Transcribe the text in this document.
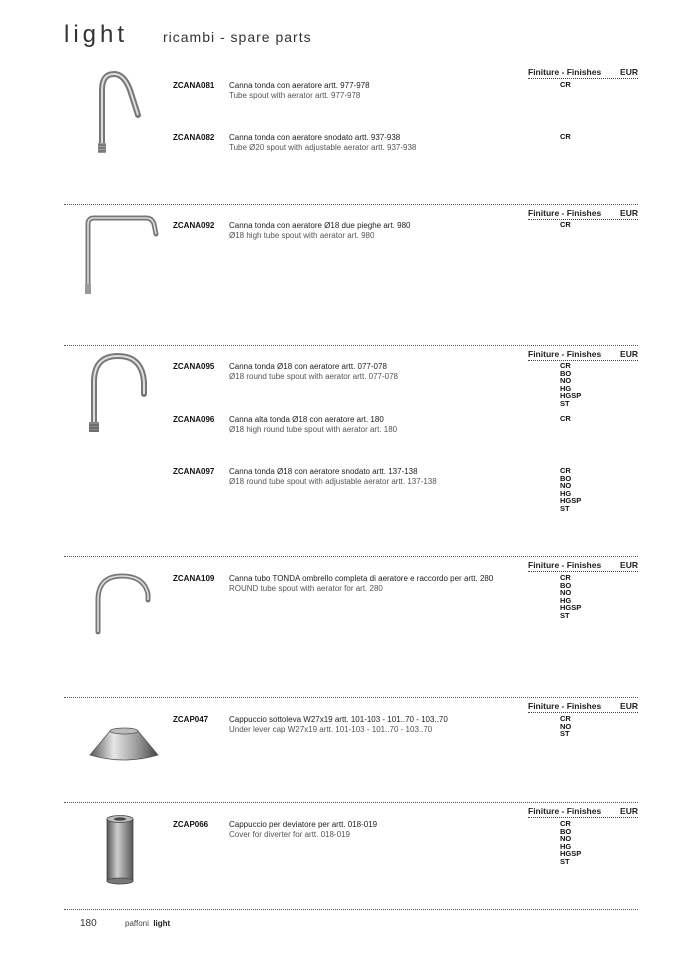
light ricambi - spare parts
Finiture - Finishes EUR
ZCANA081 Canna tonda con aeratore artt. 977-978
Tube spout with aerator artt. 977-978
CR
ZCANA082 Canna tonda con aeratore snodato artt. 937-938
Tube Ø20 spout with adjustable aerator artt. 937-938
CR
Finiture - Finishes EUR
ZCANA092 Canna tonda con aeratore Ø18 due pieghe art. 980
Ø18 high tube spout with aerator art. 980
CR
Finiture - Finishes EUR
ZCANA095 Canna tonda Ø18 con aeratore artt. 077-078
Ø18 round tube spout with aerator artt. 077-078
CR
BO
NO
HG
HGSP
ST
ZCANA096 Canna alta tonda Ø18 con aeratore art. 180
Ø18 high round tube spout with aerator art. 180
CR
ZCANA097 Canna tonda Ø18 con aeratore snodato artt. 137-138
Ø18 round tube spout with adjustable aerator artt. 137-138
CR
BO
NO
HG
HGSP
ST
Finiture - Finishes EUR
ZCANA109 Canna tubo TONDA ombrello completa di aeratore e raccordo per artt. 280
ROUND tube spout with aerator for art. 280
CR
BO
NO
HG
HGSP
ST
Finiture - Finishes EUR
ZCAP047	Cappuccio sottoleva W27x19 artt. 101-103 - 101..70 - 103..70
Under lever cap W27x19 artt. 101-103 - 101..70 - 103..70
CR
NO
ST
Finiture - Finishes EUR
ZCAP066	Cappuccio per deviatore per artt. 018-019
Cover for diverter for artt. 018-019
CR
BO
NO
HG
HGSP
ST
180	paffoni light
